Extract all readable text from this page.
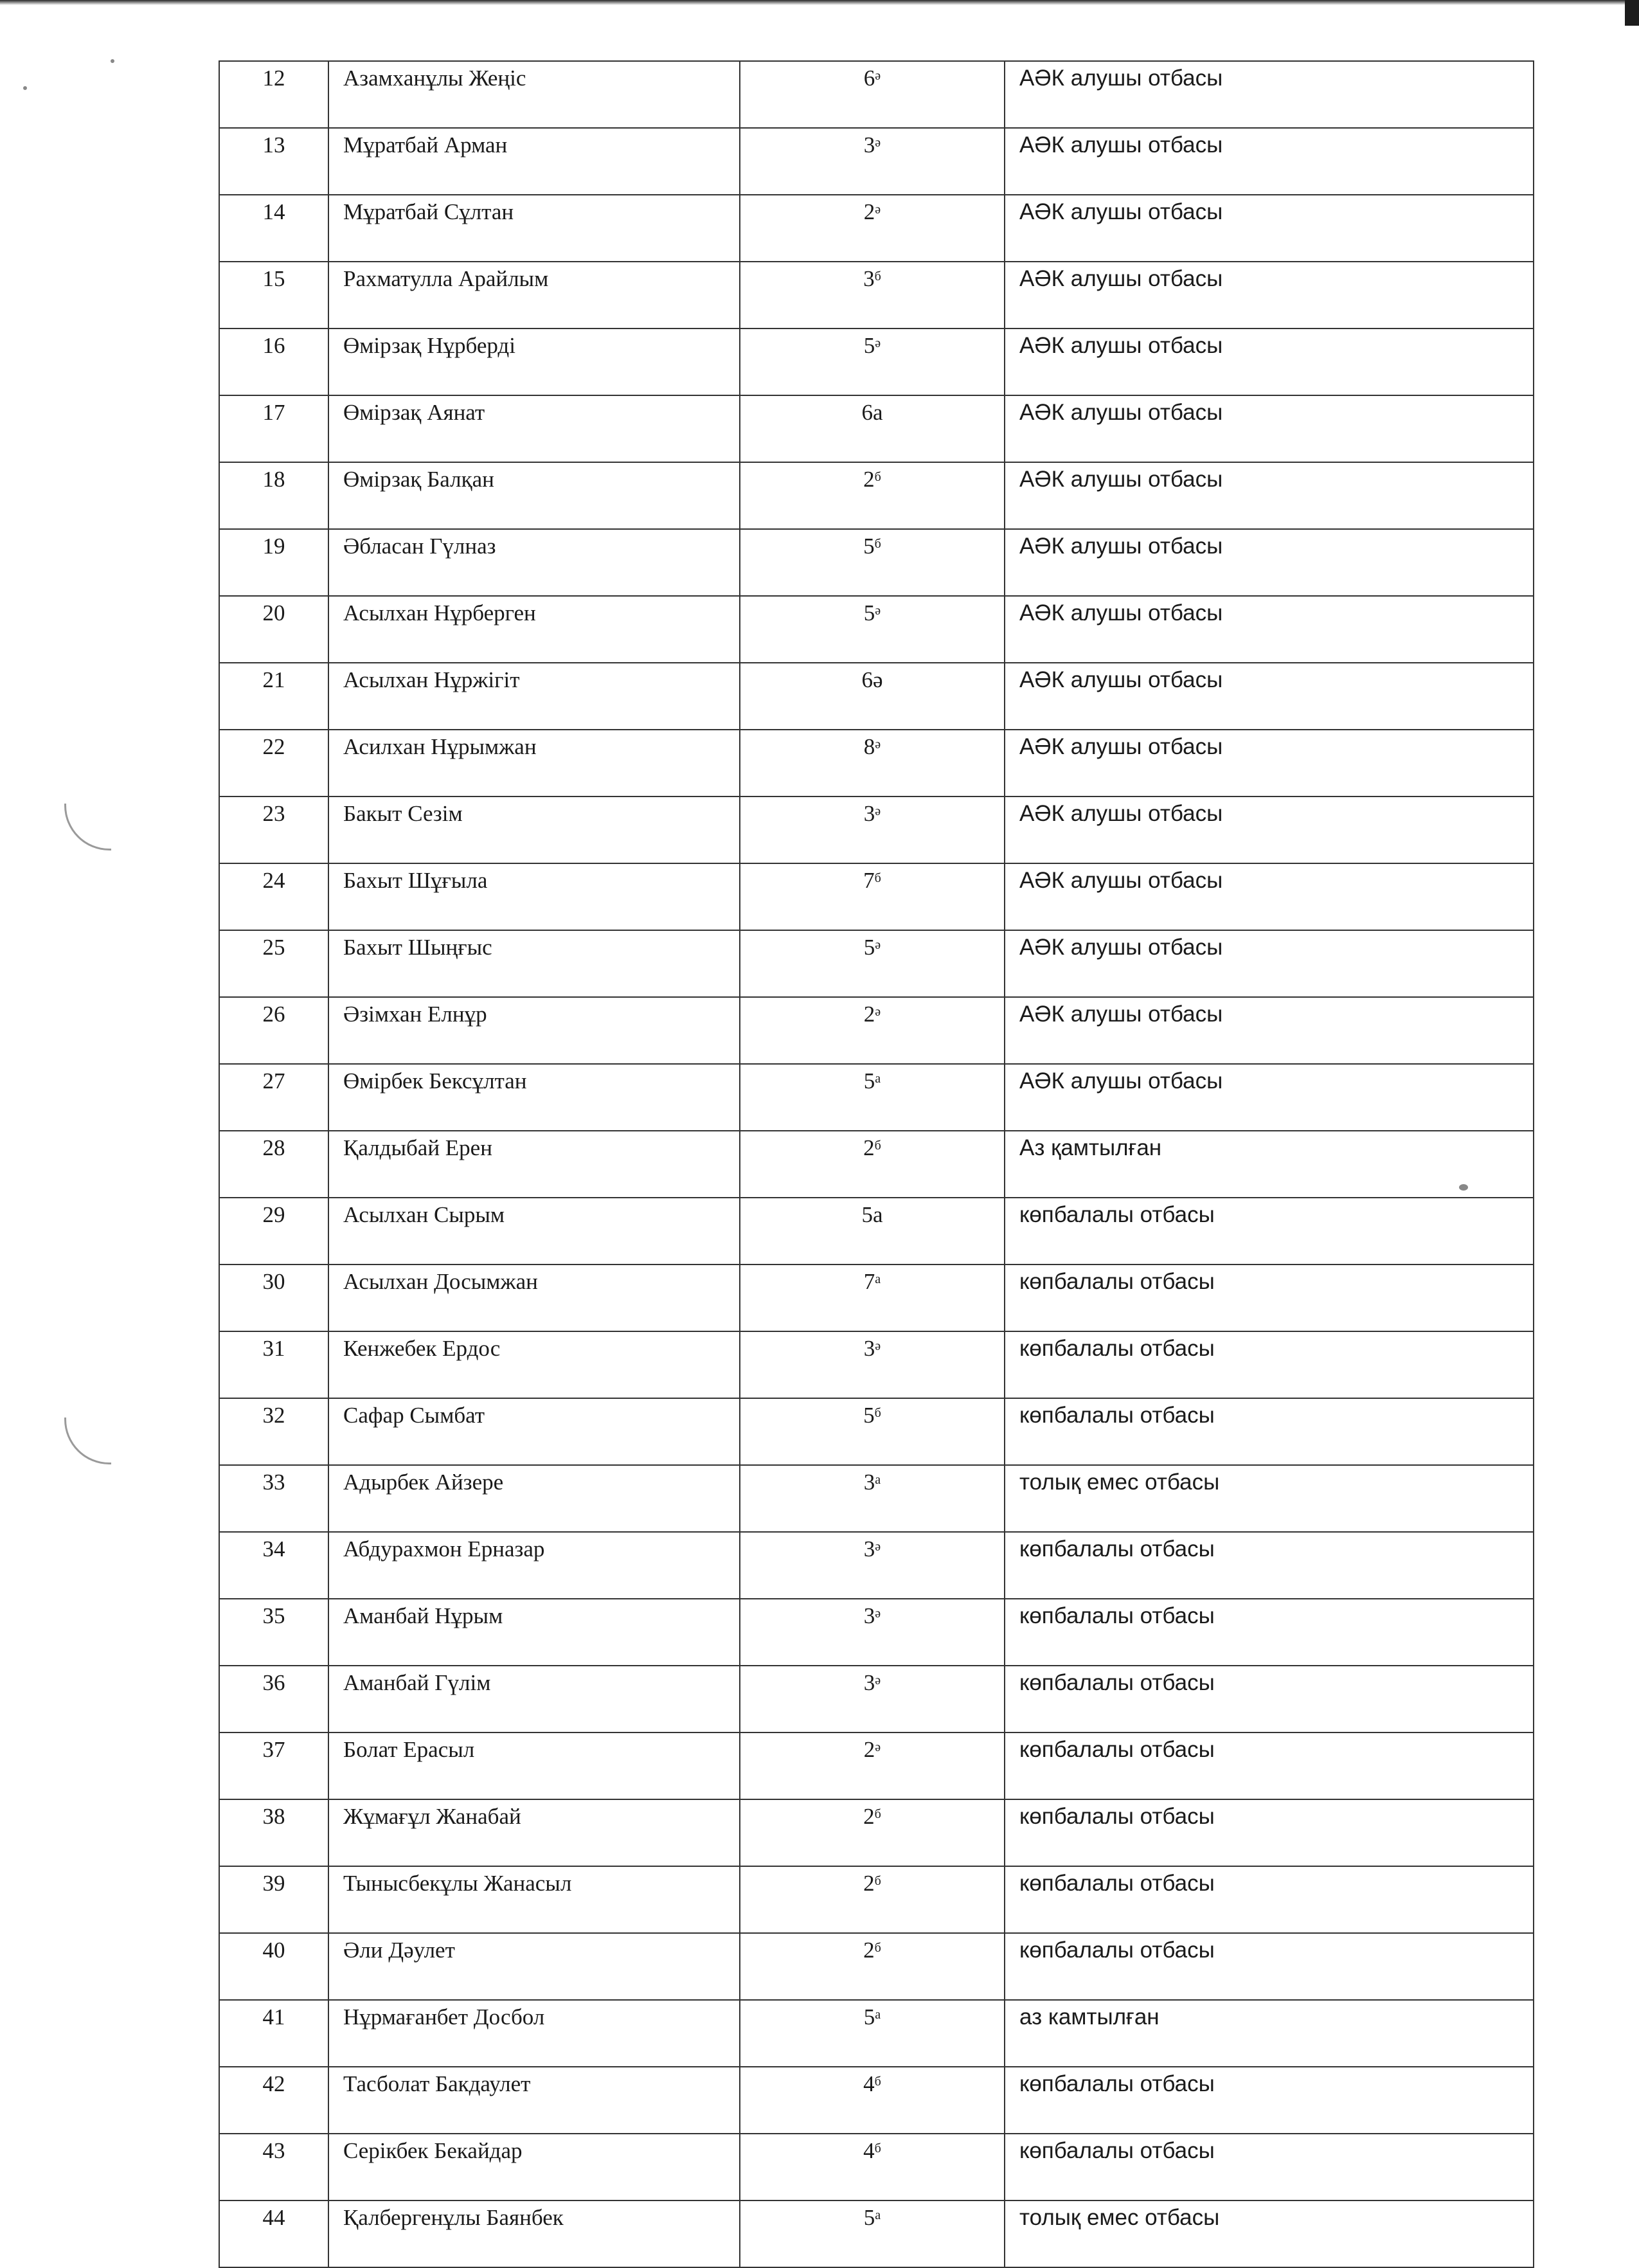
12	Азамханұлы Жеңіс	$6^ә$	АӘК алушы отбасы
13	Мұратбай Арман	$3^ә$	АӘК алушы отбасы
14	Мұратбай Сұлтан	$2^ә$	АӘК алушы отбасы
15	Рахматулла Арайлым	$3^б$	АӘК алушы отбасы
16	Өмірзақ Нұрберді	$5^ә$	АӘК алушы отбасы
17	Өмірзақ Аянат	6а	АӘК алушы отбасы
18	Өмірзақ Балқан	$2^б$	АӘК алушы отбасы
19	Әбласан Гүлназ	$5^б$	АӘК алушы отбасы
20	Асылхан Нұрберген	$5^ә$	АӘК алушы отбасы
21	Асылхан Нұржігіт	6ә	АӘК алушы отбасы
22	Асилхан Нұрымжан	$8^ә$	АӘК алушы отбасы
23	Бакыт Сезім	$3^ә$	АӘК алушы отбасы
24	Бахыт Шұғыла	$7^б$	АӘК алушы отбасы
25	Бахыт Шыңғыс	$5^ә$	АӘК алушы отбасы
26	Әзімхан Елнұр	$2^ә$	АӘК алушы отбасы
27	Өмірбек Бексұлтан	$5^а$	АӘК алушы отбасы
28	Қалдыбай Ерен	$2^б$	Аз қамтылған
29	Асылхан Сырым	5а	көпбалалы отбасы
30	Асылхан Досымжан	$7^а$	көпбалалы отбасы
31	Кенжебек Ердос	$3^ә$	көпбалалы отбасы
32	Сафар Сымбат	$5^б$	көпбалалы отбасы
33	Адырбек Айзере	$3^а$	толық емес отбасы
34	Абдурахмон Ерназар	$3^ә$	көпбалалы отбасы
35	Аманбай Нұрым	$3^ә$	көпбалалы отбасы
36	Аманбай Гүлім	$3^ә$	көпбалалы отбасы
37	Болат Ерасыл	$2^ә$	көпбалалы отбасы
38	Жұмағұл Жанабай	$2^б$	көпбалалы отбасы
39	Тынысбекұлы Жанасыл	$2^б$	көпбалалы отбасы
40	Әли Дәулет	$2^б$	көпбалалы отбасы
41	Нұрмағанбет Досбол	$5^а$	аз камтылған
42	Тасболат Бакдаулет	$4^б$	көпбалалы отбасы
43	Серікбек Бекайдар	$4^б$	көпбалалы отбасы
44	Қалбергенұлы Баянбек	$5^а$	толық емес отбасы
